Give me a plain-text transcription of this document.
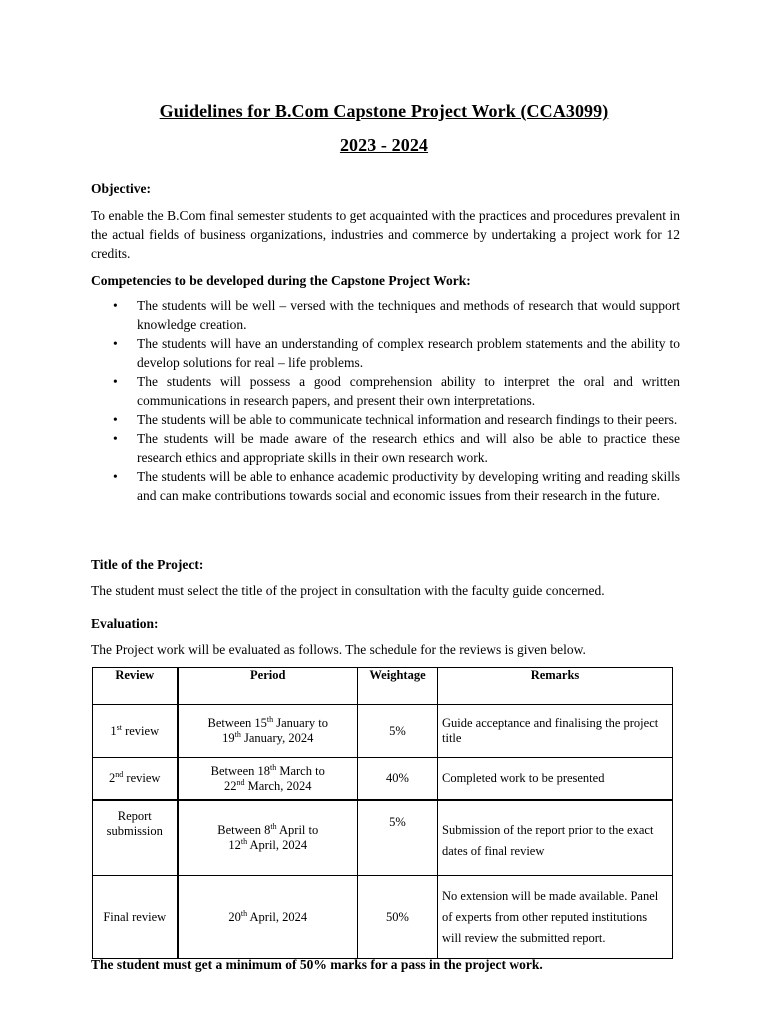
Guidelines for B.Com Capstone Project Work (CCA3099)
2023 - 2024
Objective:

To enable the B.Com final semester students to get acquainted with the practices and procedures prevalent in the actual fields of business organizations, industries and commerce by undertaking a project work for 12 credits.

Competencies to be developed during the Capstone Project Work:
• The students will be well – versed with the techniques and methods of research that would support knowledge creation.
• The students will have an understanding of complex research problem statements and the ability to develop solutions for real – life problems.
• The students will possess a good comprehension ability to interpret the oral and written communications in research papers, and present their own interpretations.
• The students will be able to communicate technical information and research findings to their peers.
• The students will be made aware of the research ethics and will also be able to practice these research ethics and appropriate skills in their own research work.
• The students will be able to enhance academic productivity by developing writing and reading skills and can make contributions towards social and economic issues from their research in the future.
Title of the Project:

The student must select the title of the project in consultation with the faculty guide concerned.

Evaluation:

The Project work will be evaluated as follows. The schedule for the reviews is given below.

Review	Period	Weightage	Remarks
1st review	Between 15th January to
19th January, 2024	5%	Guide acceptance and finalising the project title
2nd review	Between 18th March to
22nd March, 2024	40%	Completed work to be presented
Report
submission	Between 8th April to
12th April, 2024	5%	Submission of the report prior to the exact dates of final review
Final review	20th April, 2024	50%	No extension will be made available. Panel of experts from other reputed institutions will review the submitted report.
The student must get a minimum of 50% marks for a pass in the project work.
